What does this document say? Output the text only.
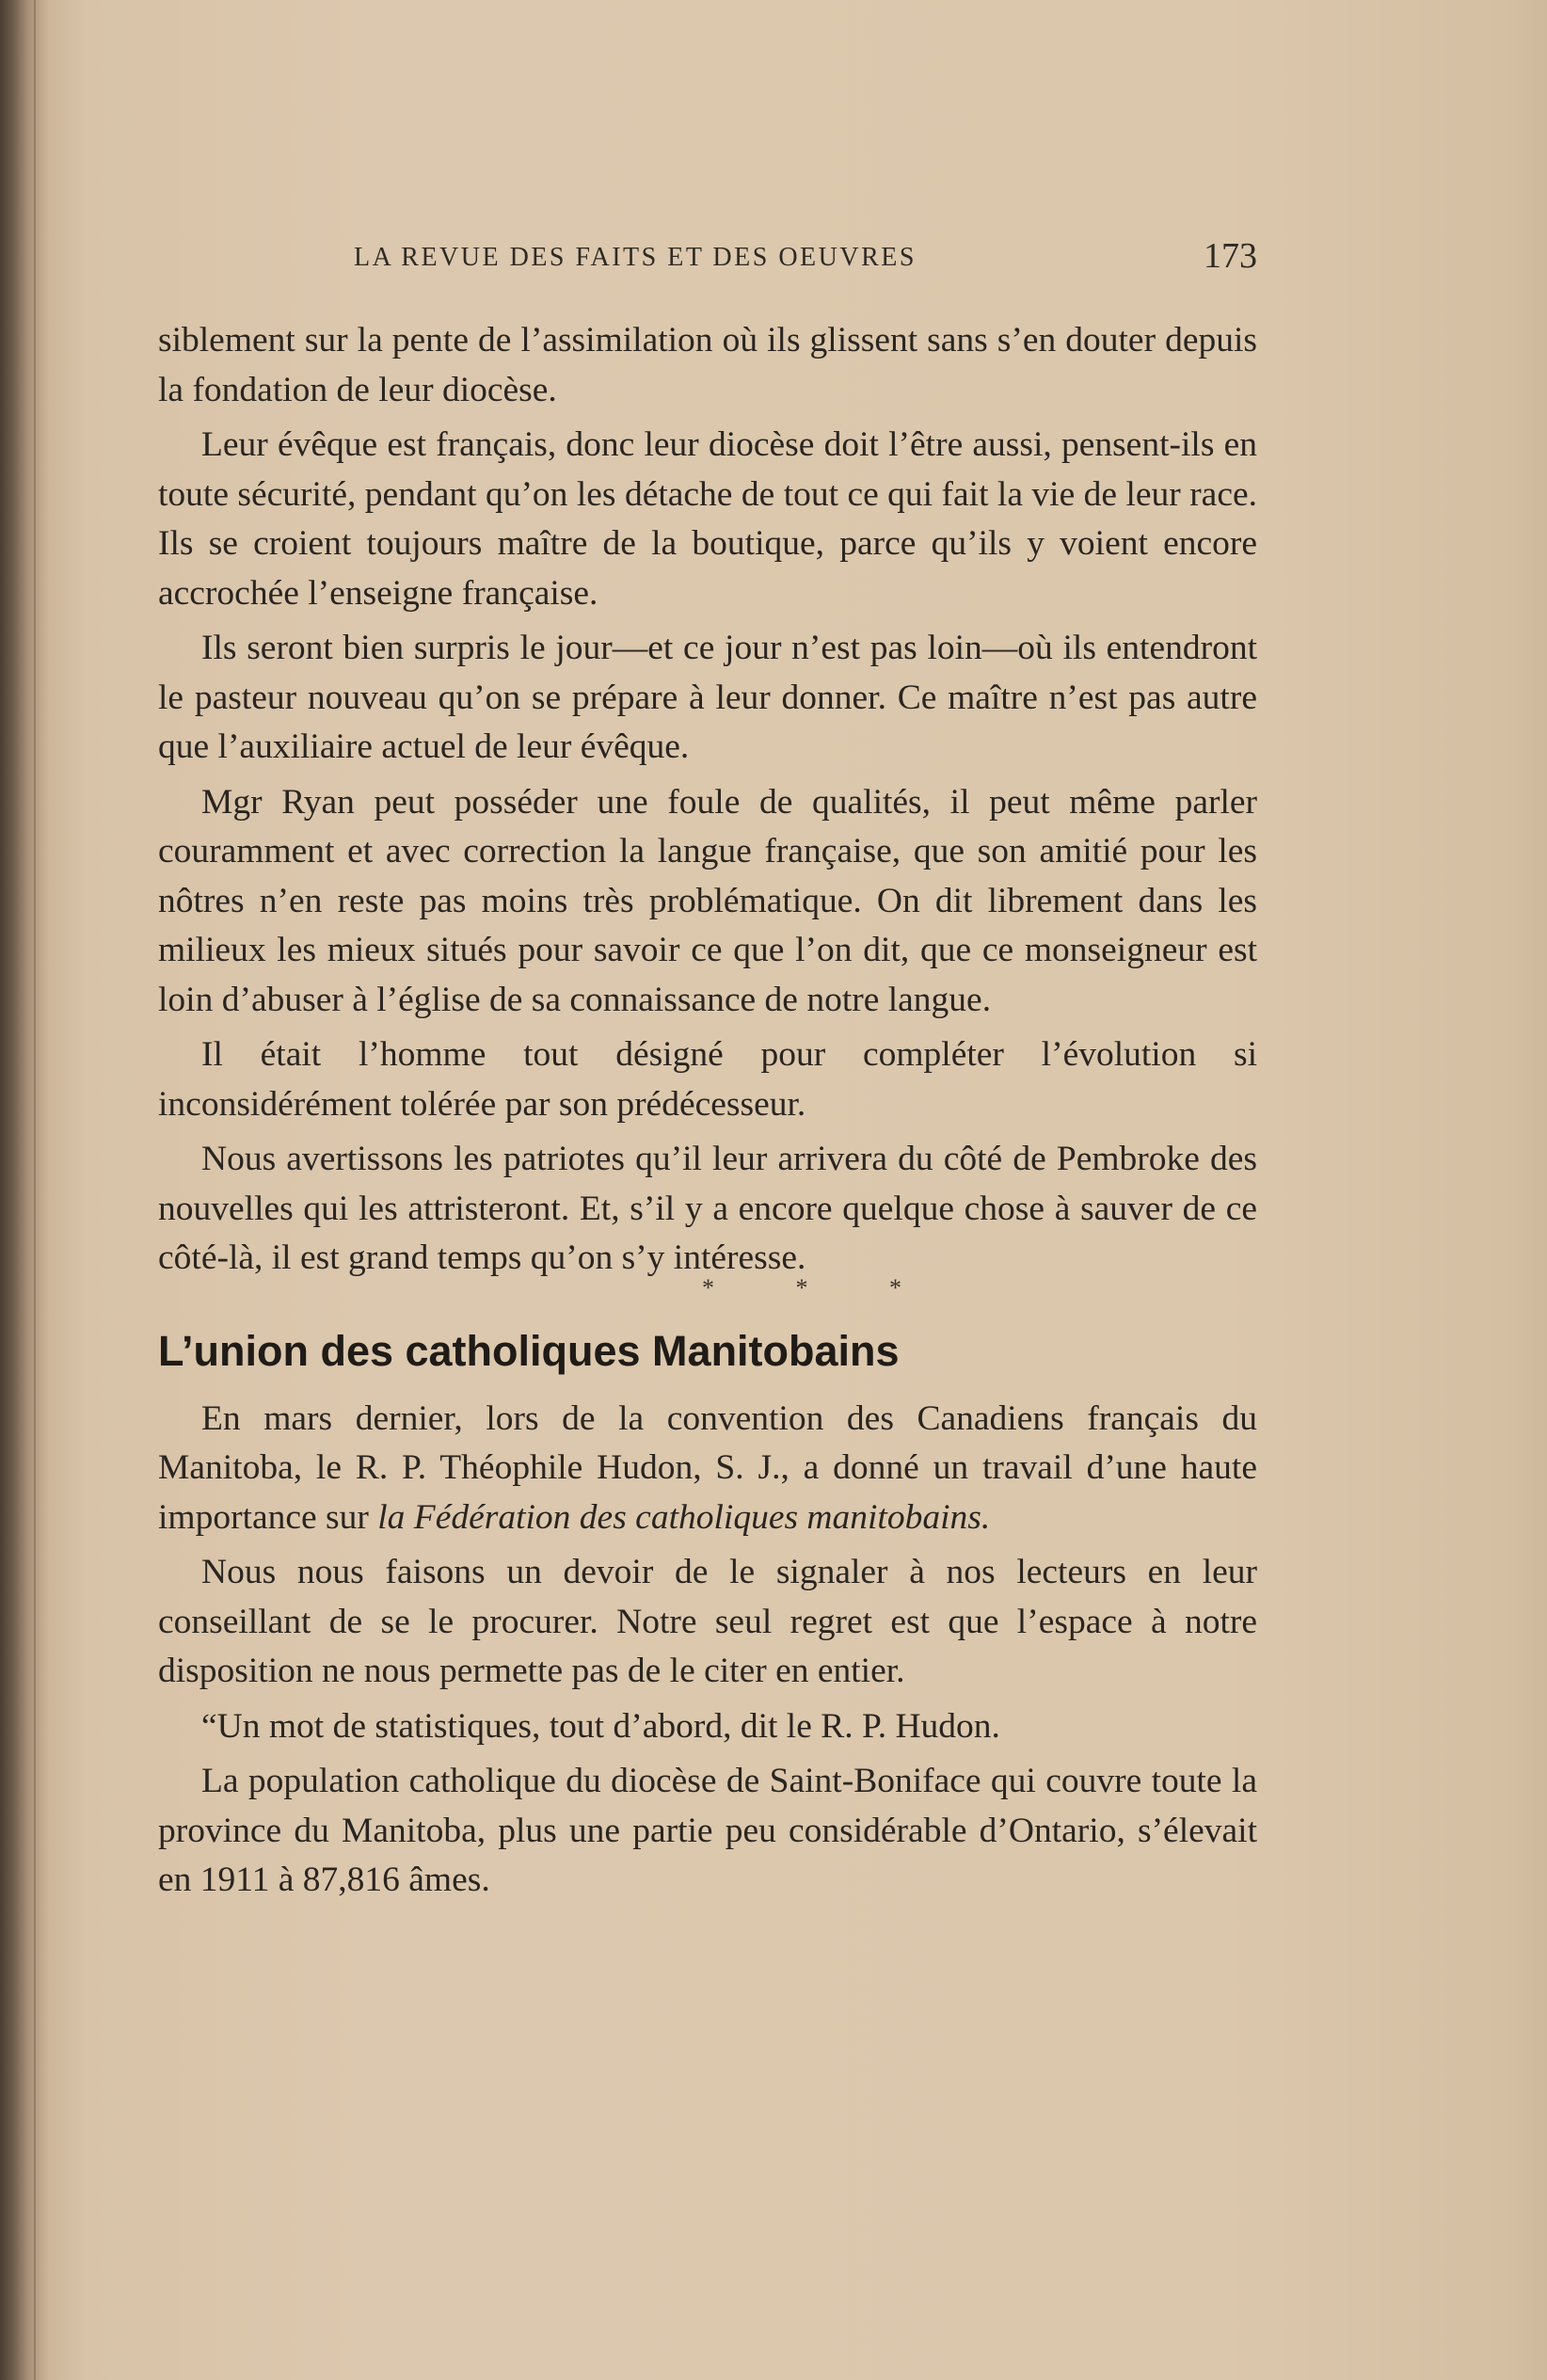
LA REVUE DES FAITS ET DES OEUVRES	173

siblement sur la pente de l’assimilation où ils glissent sans s’en douter depuis la fondation de leur diocèse.

Leur évêque est français, donc leur diocèse doit l’être aussi, pensent-ils en toute sécurité, pendant qu’on les détache de tout ce qui fait la vie de leur race. Ils se croient toujours maître de la boutique, parce qu’ils y voient encore accrochée l’enseigne française.

Ils seront bien surpris le jour—et ce jour n’est pas loin—où ils entendront le pasteur nouveau qu’on se prépare à leur donner. Ce maître n’est pas autre que l’auxiliaire actuel de leur évêque.

Mgr Ryan peut posséder une foule de qualités, il peut même parler couramment et avec correction la langue française, que son amitié pour les nôtres n’en reste pas moins très problématique. On dit librement dans les milieux les mieux situés pour savoir ce que l’on dit, que ce monseigneur est loin d’abuser à l’église de sa connaissance de notre langue.

Il était l’homme tout désigné pour compléter l’évolution si inconsidérément tolérée par son prédécesseur.

Nous avertissons les patriotes qu’il leur arrivera du côté de Pembroke des nouvelles qui les attristeront. Et, s’il y a encore quelque chose à sauver de ce côté-là, il est grand temps qu’on s’y intéresse.

* * *
L’union des catholiques Manitobains

En mars dernier, lors de la convention des Canadiens français du Manitoba, le R. P. Théophile Hudon, S. J., a donné un travail d’une haute importance sur la Fédération des catholiques manitobains.

Nous nous faisons un devoir de le signaler à nos lecteurs en leur conseillant de se le procurer. Notre seul regret est que l’espace à notre disposition ne nous permette pas de le citer en entier.

“Un mot de statistiques, tout d’abord, dit le R. P. Hudon.

La population catholique du diocèse de Saint-Boniface qui couvre toute la province du Manitoba, plus une partie peu considérable d’Ontario, s’élevait en 1911 à 87,816 âmes.
